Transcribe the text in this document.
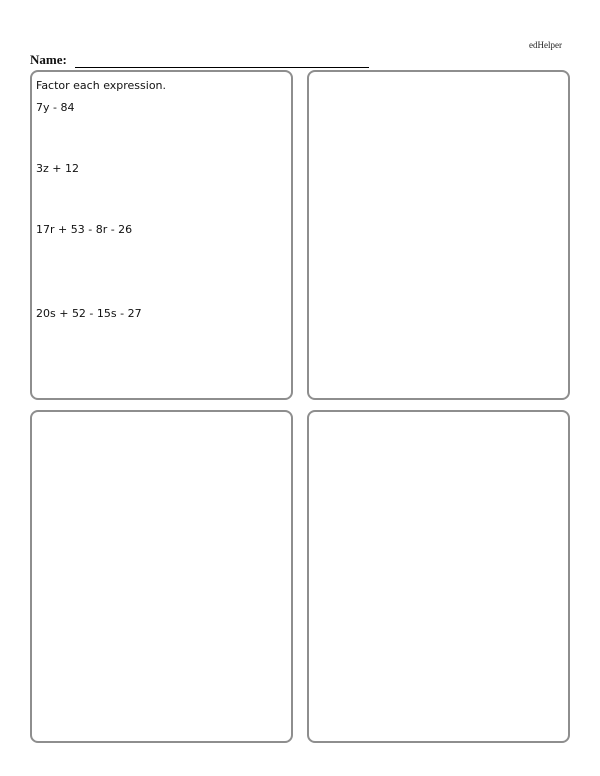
edHelper
Name:
Factor each expression.
7y - 84
3z + 12
17r + 53 - 8r - 26
20s + 52 - 15s - 27
